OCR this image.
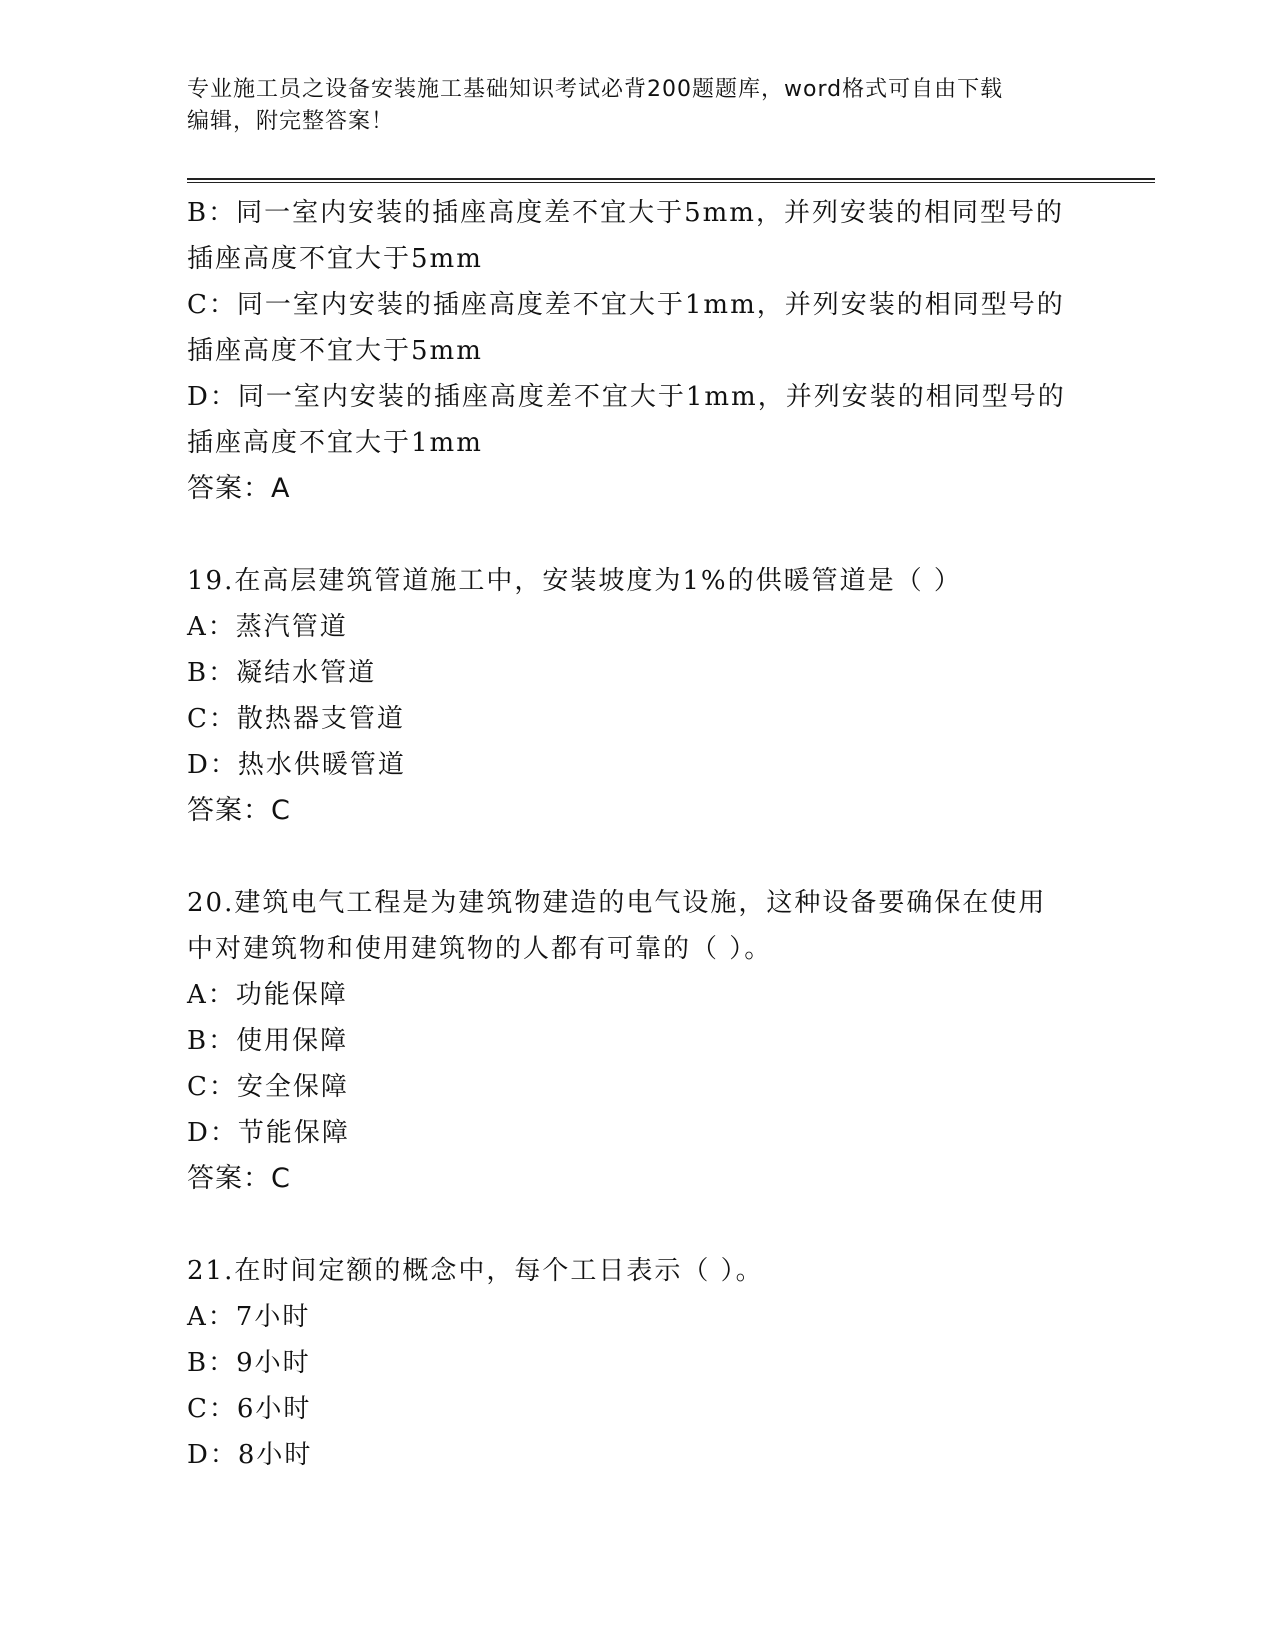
专业施工员之设备安装施工基础知识考试必背200题题库，word格式可自由下载
编辑，附完整答案！
B：同一室内安装的插座高度差不宜大于5mm，并列安装的相同型号的
插座高度不宜大于5mm
C：同一室内安装的插座高度差不宜大于1mm，并列安装的相同型号的
插座高度不宜大于5mm
D：同一室内安装的插座高度差不宜大于1mm，并列安装的相同型号的
插座高度不宜大于1mm
答案：A
19.在高层建筑管道施工中，安装坡度为1%的供暖管道是（ ）
A：蒸汽管道
B：凝结水管道
C：散热器支管道
D：热水供暖管道
答案：C
20.建筑电气工程是为建筑物建造的电气设施，这种设备要确保在使用
中对建筑物和使用建筑物的人都有可靠的（ ）。
A：功能保障
B：使用保障
C：安全保障
D：节能保障
答案：C
21.在时间定额的概念中，每个工日表示（ ）。
A：7小时
B：9小时
C：6小时
D：8小时
